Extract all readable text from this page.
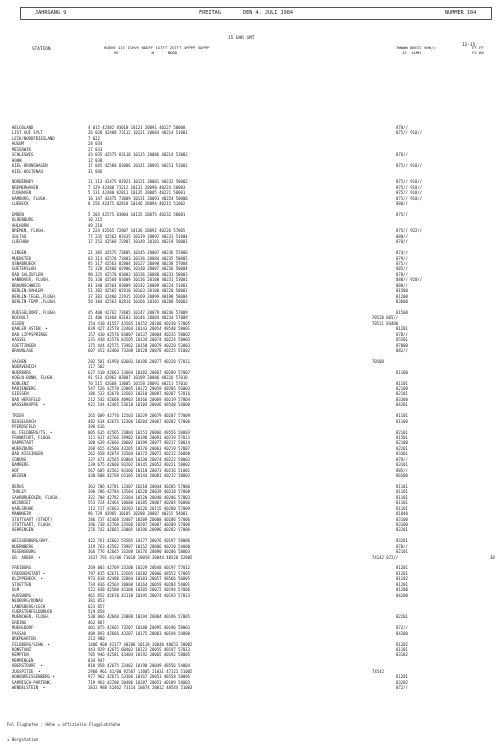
JAHRGANG 9	FREITAG	DEN 4. JULI 1984	NUMMER 184
15 UHR GMT
12-15
STATION	HOEHE III IIHVV NDDFF 1STTT 2STTT 4PPPP 5APPP
RE              N      NDDD
7WWWW 8NCCC 9HH//
12  4LMH
FF-FF
FX 66
HELGOLAND	4 015 42482 83010 10123 20091 40227 50000	878//
LIST AUF SYLT	26 020 42480 73112 10121 20084 40214 51001	875// 918//
LEIK/NORDFRIESLAND	7 022
HUSUM	28 034
MEIERWIK	27 033
SCHLESWIG	43 035 42575 83110 10135 20086 40214 53002	876//
HOHN	12 038
KIEL-KRONSHAGEN	17 045 42580 83006 10141 20091 40213 51001	875// 918//
KIEL-HOLTENAU	31 046
NORDERNEY	11 113 42475 82921 10121 20081 40232 58002	875// 918//
BREMERHAVEN	7 129 42480 73212 10131 20090 40224 58003	875// 918//
CUXHAVEN	5 131 42480 82811 10135 20085 40221 58001	875// 918//
HAMBURG, FLUGH.	16 147 42475 73009 10131 20093 40224 50000	875// 918//
LUEBECK	8 156 42475 82810 10146 20094 40215 51002	888//
EMDEN	5 203 42575 83004 10135 20075 40232 58001	875//
OLDENBURG	10 215
AHLHORN	49 218
BREMEN, FLUGH.	3 224 42565 72807 10136 20092 40226 57005	875// 922//
SOLTAU	77 235 42562 83435 10139 20092 40231 51004	888//
LUECHOW	17 253 42568 72907 10149 20101 40219 50001	878//
LINGEN	21 305 42575 73005 10145 20087 40236 57006	874//
MUENSTER	63 313 42570 73003 10136 20084 40235 58005	879//
OSNABRUECK	95 317 42563 82804 10127 20090 40238 57004	875//
GUETERSLOH	72 320 42466 82906 10140 20087 40236 58004	885//
BAD SALZUFLEN	98 325 42570 83003 10136 20088 40233 58003	878//
HANNOVER, FLUGH.	56 338 42560 83009 10136 20100 40231 53001	880// 920//
BRAUNSCHWEIG	81 348 42564 83009 10142 20089 40224 51001	888//
BERLIN-DAHLEM	51 382 42565 82910 10163 20100 40220 50002	81500
BERLIN-TEGEL,FLUGH.	37 382 42466 22915 10169 20099 40198 58004	81200
BERLIN-TEMP.,FLUGH.	50 384 42563 82814 10166 20101 40200 56003	83600
DUESSELDORF, FLUGH.	45 400 42762 73605 10147 20079 40236 57009	81500
BOCHOLT	21 406 41460 83103 10146 20084 40234 57009	70520 865//
ESSEN	154 410 41557 43505 10152 20100 40230 57005	70511 84400
KAHLER ASTEN  •	839 427 42578 23404 10143 20054 48548 58001	81201
BAD LIPPSPRINGE	157 430 42578 83007 10137 20084 40235 58002	878//
KASSEL	231 438 42578 83505 10134 20074 40224 58003	85501
GOETTINGEN	175 444 42575 73402 10150 20079 40220 53003	87800
BRAUNLAGE	607 452 42460 73208 10120 20078 40225 51002	882//
AACHEN	202 501 41950 03603 10196 20077 40220 57011	70500
NOERVENICH	117 502
NUERBURG	627 510 42663 13604 10182 20067 40209 57007	81100
KOELN-BONN, FLUGH.	91 513 42962 03007 10189 20086 40226 57010
KOBLENZ	70 515 42668 13005 10158 20091 40211 57016	81101
MARIENBERG	547 526 42570 23005 10172 20059 40205 56003	82100
GIESSEN	186 532 42678 33502 10210 20087 40207 57016	82101
BAD HERSFELD	212 542 42668 40903 10166 20069 40219 57004	83300
WASSERKUPPE  •	921 544 42465 53610 10104 20046 48540 54000	84201
TRIER	265 609 42770 12503 10229 20079 40207 57009	81101
DEUSELBACH	482 614 42675 12306 10204 20067 40202 57006	81100
PFERDSFELD	396 616
KL.FELDBERG/TS. •	805 635 42565 23004 10151 20066 48556 58003	82101
FRANKFURT, FLUGH.	111 637 42766 39902 10198 20093 40219 57013	81501
DARMSTADT	108 639 42666 20602 10199 20077 40217 58014	82100
WUERZBURG	268 655 42560 43205 10176 20063 40219 57007	82201
BAD KISSINGEN	262 658 42674 33504 10173 20072 40212 56008	83301
COBURG	337 671 42565 83004 10130 20074 40222 58003	878//
BAMBERG	239 675 42668 83202 10145 20052 40221 58002	83101
HOF	567 685 42562 83306 10118 20073 40216 51001	885//
WEIDEN	438 688 42768 63105 10144 20081 40212 58003	86500
BERUS	363 706 42781 13307 10218 20044 40205 57006	81101
THOLEY	396 706 42784 13504 10220 20039 40218 57008	81101
SAARBRUECKEN, FLUGH.	322 708 42782 23304 10220 20040 40206 57003	81101
WEINBIET	553 724 42464 10608 10185 20087 40204 56006	81101
KARLSRUHE	112 727 42663 10203 10226 20115 40208 57009	81101
MANNHEIM	96 729 42965 10105 10208 20087 40215 54001	81040
STUTTGART (STADT)	286 737 42468 33407 10209 20088 40206 57006	83100
STUTTGART, FLUGH.	396 738 42768 23506 10207 20087 40209 57006	83100
OEHRINGEN	276 742 42665 33005 10196 20096 40202 57006	82201
WEISSENBURG/BAY.	422 761 42662 53505 10177 20076 40197 58006	83201
NUERNBERG	319 763 42562 73907 10152 20086 40220 54000	878//
REGENSBURG	366 776 42665 33208 10176 20090 40206 58003	82101
GR. ARBER  •	1437 791 41/06 73010 10058 20044 48528 52005	74142 872//	30
FREIBURG	269 803 42769 23208 10229 20048 40197 57012	81201
FREUDENSTADT •	797 815 42671 23505 10182 20066 48552 57005	81201
KLIPPENECK  •	973 818 42480 32804 10183 20057 48566 56005	81102
STOETTEN	734 836 42564 20008 10164 20059 40204 54001	81201
ULM	522 838 42580 43106 10205 20072 40194 57006	81200
AUGSBURG	461 852 42670 43110 10195 20074 40193 57013	84200
NEUBURG/DONAU	381 853
LANDSBERG/LECH	623 857
FUERSTENFELDBRUCK	519 858
MUENCHEN, FLUGH.	530 866 42668 23008 10194 20084 40196 57005	82201
ERDING	462 867
MUEHLDORF	401 875 42665 73207 10188 20095 40196 58003	872//
PASSAU	409 893 42666 43207 10175 20083 40194 54000	84200
BREMGARTEN	213 900
FELDBERG/SCHW. •	1486 908 42377 40208 10118 20048 48653 58002	81202
KONSTANZ	443 929 42675 60402 10222 20055 40197 57013	81101
KEMPTEN	705 946 42581 43404 10192 20065 40192 58005	83102
MEMMINGEN	634 947
OBERSTDORF  •	810 958 42675 23402 10190 20049 48556 54004
ZUGSPITZE  •	2960 961 41/00 92507 11005 21031 47121 51005	74542
HOHENPEISSENBERG •	977 962 42675 53306 10167 20053 48558 58005	81201
GARMISCH-PARTENK.	719 963 42780 50406 10187 20053 40189 54003	83202
WENDELSTEIN  •	1832 980 42462 73114 10074 20012 48544 51003	872//

Fel Flughafen : Höhe = offizielle Flugplatzhöhe

★ Bergstation
